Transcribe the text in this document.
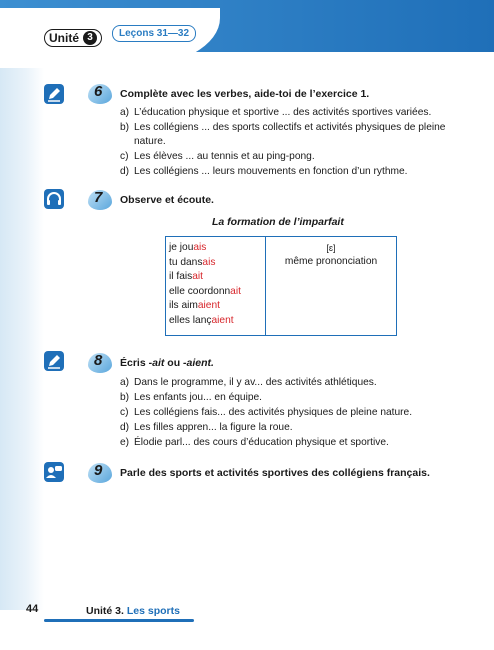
Unité 3	Leçons 31—32
6	Complète avec les verbes, aide-toi de l’exercice 1.
a) L’éducation physique et sportive ... des activités sportives variées.
b) Les collégiens ... des sports collectifs et activités physiques de pleine
nature.
c) Les élèves ... au tennis et au ping-pong.
d) Les collégiens ... leurs mouvements en fonction d’un rythme.
7	Observe et écoute.
La formation de l’imparfait
je jouais
tu dansais
il faisait
elle coordonnait
ils aimaient
elles lançaient
[ɛ]
même prononciation
8	Écris -ait ou -aient.
a) Dans le programme, il y av... des activités athlétiques.
b) Les enfants jou... en équipe.
c) Les collégiens fais... des activités physiques de pleine nature.
d) Les filles appren... la figure la roue.
e) Élodie parl... des cours d’éducation physique et sportive.
9	Parle des sports et activités sportives des collégiens français.
44	Unité 3. Les sports
